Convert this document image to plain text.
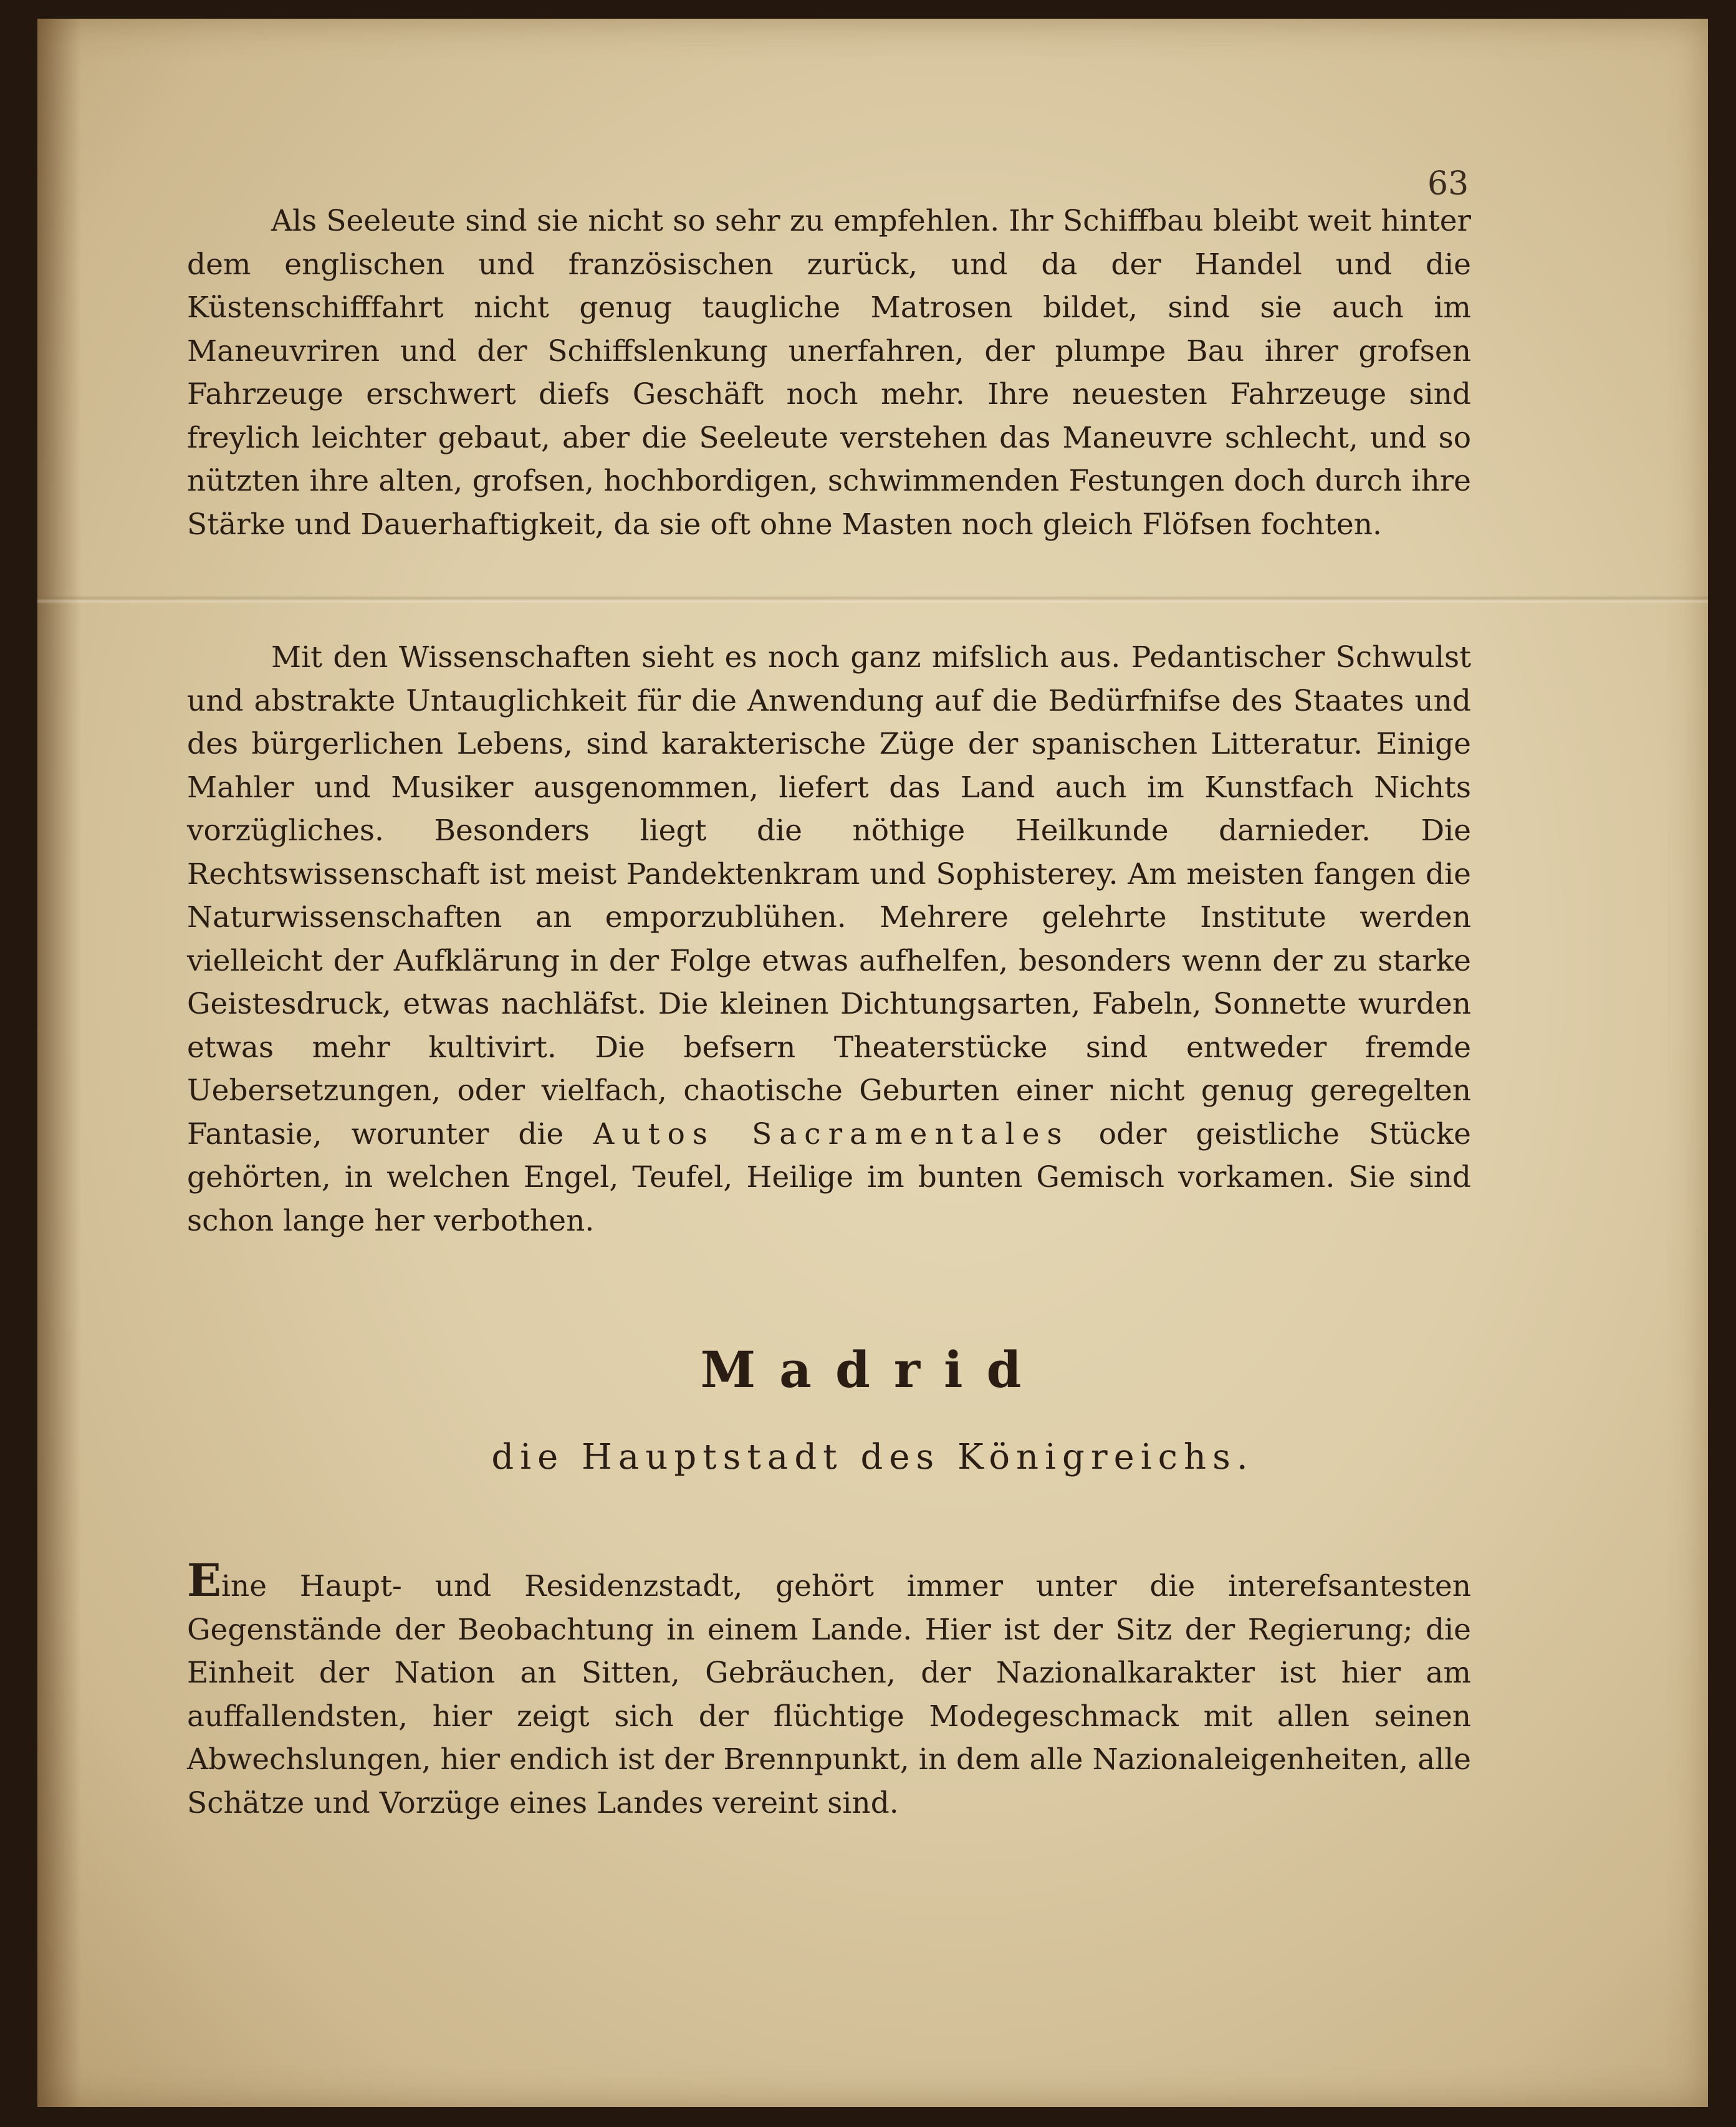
63

Als Seeleute sind sie nicht so sehr zu empfehlen. Ihr Schiffbau bleibt weit hinter dem englischen und französischen zurück, und da der Handel und die Küstenschifffahrt nicht genug taugliche Matrosen bildet, sind sie auch im Maneuvriren und der Schiffslenkung unerfahren, der plumpe Bau ihrer grofsen Fahrzeuge erschwert diefs Geschäft noch mehr. Ihre neuesten Fahrzeuge sind freylich leichter gebaut, aber die Seeleute verstehen das Maneuvre schlecht, und so nützten ihre alten, grofsen, hochbordigen, schwimmenden Festungen doch durch ihre Stärke und Dauerhaftigkeit, da sie oft ohne Masten noch gleich Flöfsen fochten.

Mit den Wissenschaften sieht es noch ganz mifslich aus. Pedantischer Schwulst und abstrakte Untauglichkeit für die Anwendung auf die Bedürfnifse des Staates und des bürgerlichen Lebens, sind karakterische Züge der spanischen Litteratur. Einige Mahler und Musiker ausgenommen, liefert das Land auch im Kunstfach Nichts vorzügliches. Besonders liegt die nöthige Heilkunde darnieder. Die Rechtswissenschaft ist meist Pandektenkram und Sophisterey. Am meisten fangen die Naturwissenschaften an emporzublühen. Mehrere gelehrte Institute werden vielleicht der Aufklärung in der Folge etwas aufhelfen, besonders wenn der zu starke Geistesdruck, etwas nachläfst. Die kleinen Dichtungsarten, Fabeln, Sonnette wurden etwas mehr kultivirt. Die befsern Theaterstücke sind entweder fremde Uebersetzungen, oder vielfach, chaotische Geburten einer nicht genug geregelten Fantasie, worunter die Autos Sacramentales oder geistliche Stücke gehörten, in welchen Engel, Teufel, Heilige im bunten Gemisch vorkamen. Sie sind schon lange her verbothen.

Madrid
die Hauptstadt des Königreichs.

Eine Haupt- und Residenzstadt, gehört immer unter die interefsantesten Gegenstände der Beobachtung in einem Lande. Hier ist der Sitz der Regierung; die Einheit der Nation an Sitten, Gebräuchen, der Nazionalkarakter ist hier am auffallendsten, hier zeigt sich der flüchtige Modegeschmack mit allen seinen Abwechslungen, hier endich ist der Brennpunkt, in dem alle Nazionaleigenheiten, alle Schätze und Vorzüge eines Landes vereint sind.
